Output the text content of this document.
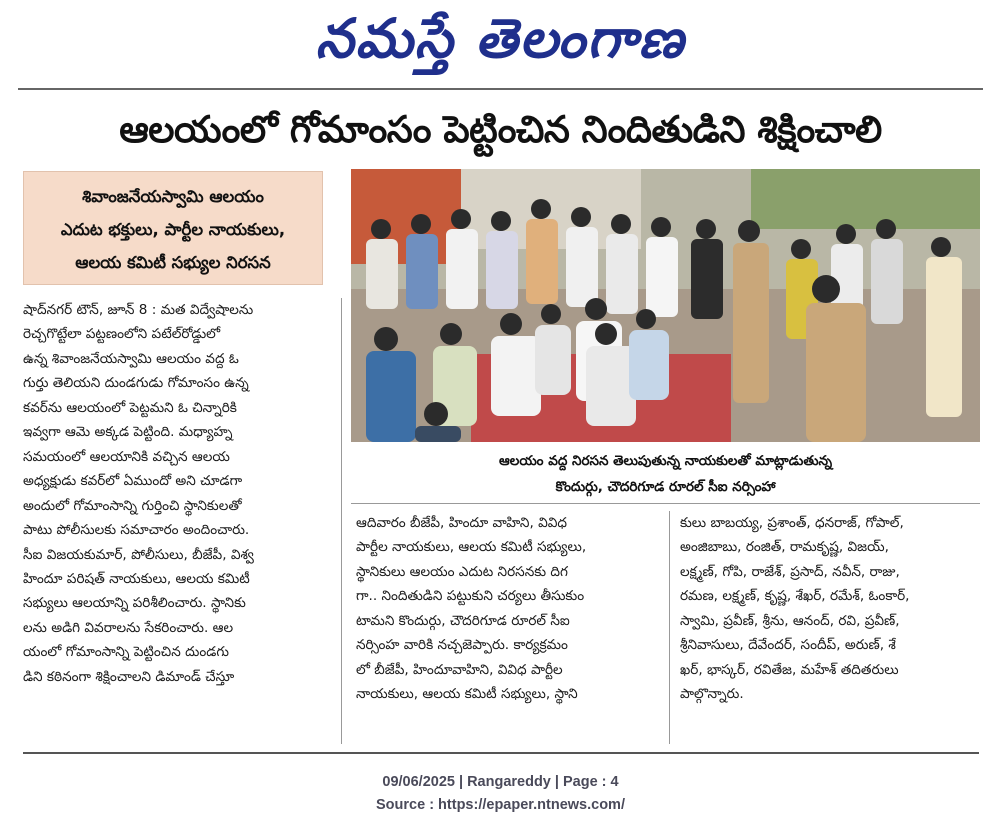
నమస్తే తెలంగాణ
ఆలయంలో గోమాంసం పెట్టించిన నిందితుడిని శిక్షించాలి
శివాంజనేయస్వామి ఆలయం
ఎదుట భక్తులు, పార్టీల నాయకులు,
ఆలయ కమిటీ సభ్యుల నిరసన
ఆలయం వద్ద నిరసన తెలుపుతున్న నాయకులతో మాట్లాడుతున్న
కొందుర్గు, చౌదరిగూడ రూరల్ సీఐ నర్సింహా
షాద్‌నగర్ టౌన్, జూన్ 8 : మత విద్వేషాలను
రెచ్చగొట్టేలా పట్టణంలోని పటేల్‌రోడ్డులో
ఉన్న శివాంజనేయస్వామి ఆలయం వద్ద ఓ
గుర్తు తెలియని దుండగుడు గోమాంసం ఉన్న
కవర్‌ను ఆలయంలో పెట్టమని ఓ చిన్నారికి
ఇవ్వగా ఆమె అక్కడ పెట్టింది. మధ్యాహ్న
సమయంలో ఆలయానికి వచ్చిన ఆలయ
అధ్యక్షుడు కవర్‌లో ఏముందో అని చూడగా
అందులో గోమాంసాన్ని గుర్తించి స్థానికులతో
పాటు పోలీసులకు సమాచారం అందించారు.
సీఐ విజయకుమార్, పోలీసులు, బీజేపీ, విశ్వ
హిందూ పరిషత్ నాయకులు, ఆలయ కమిటీ
సభ్యులు ఆలయాన్ని పరిశీలించారు. స్థానికు
లను అడిగి వివరాలను సేకరించారు. ఆల
యంలో గోమాంసాన్ని పెట్టించిన దుండగు
డిని కఠినంగా శిక్షించాలని డిమాండ్ చేస్తూ
ఆదివారం బీజేపీ, హిందూ వాహిని, వివిధ
పార్టీల నాయకులు, ఆలయ కమిటీ సభ్యులు,
స్థానికులు ఆలయం ఎదుట నిరసనకు దిగ
గా.. నిందితుడిని పట్టుకుని చర్యలు తీసుకుం
టామని కొందుర్గు, చౌదరిగూడ రూరల్ సీఐ
నర్సింహ వారికి నచ్చజెప్పారు. కార్యక్రమం
లో బీజేపీ, హిందూవాహిని, వివిధ పార్టీల
నాయకులు, ఆలయ కమిటీ సభ్యులు, స్థాని
కులు బాబయ్య, ప్రశాంత్, ధనరాజ్, గోపాల్,
అంజిబాబు, రంజిత్, రామకృష్ణ, విజయ్,
లక్ష్మణ్, గోపి, రాజేశ్, ప్రసాద్, నవీన్, రాజు,
రమణ, లక్ష్మణ్, కృష్ణ, శేఖర్, రమేశ్, ఓంకార్,
స్వామి, ప్రవీణ్, శ్రీను, ఆనంద్, రవి, ప్రవీణ్,
శ్రీనివాసులు, దేవేందర్, సందీప్, అరుణ్, శే
ఖర్, భాస్కర్, రవితేజ, మహేశ్ తదితరులు
పాల్గొన్నారు.
09/06/2025 | Rangareddy | Page : 4
Source : https://epaper.ntnews.com/
